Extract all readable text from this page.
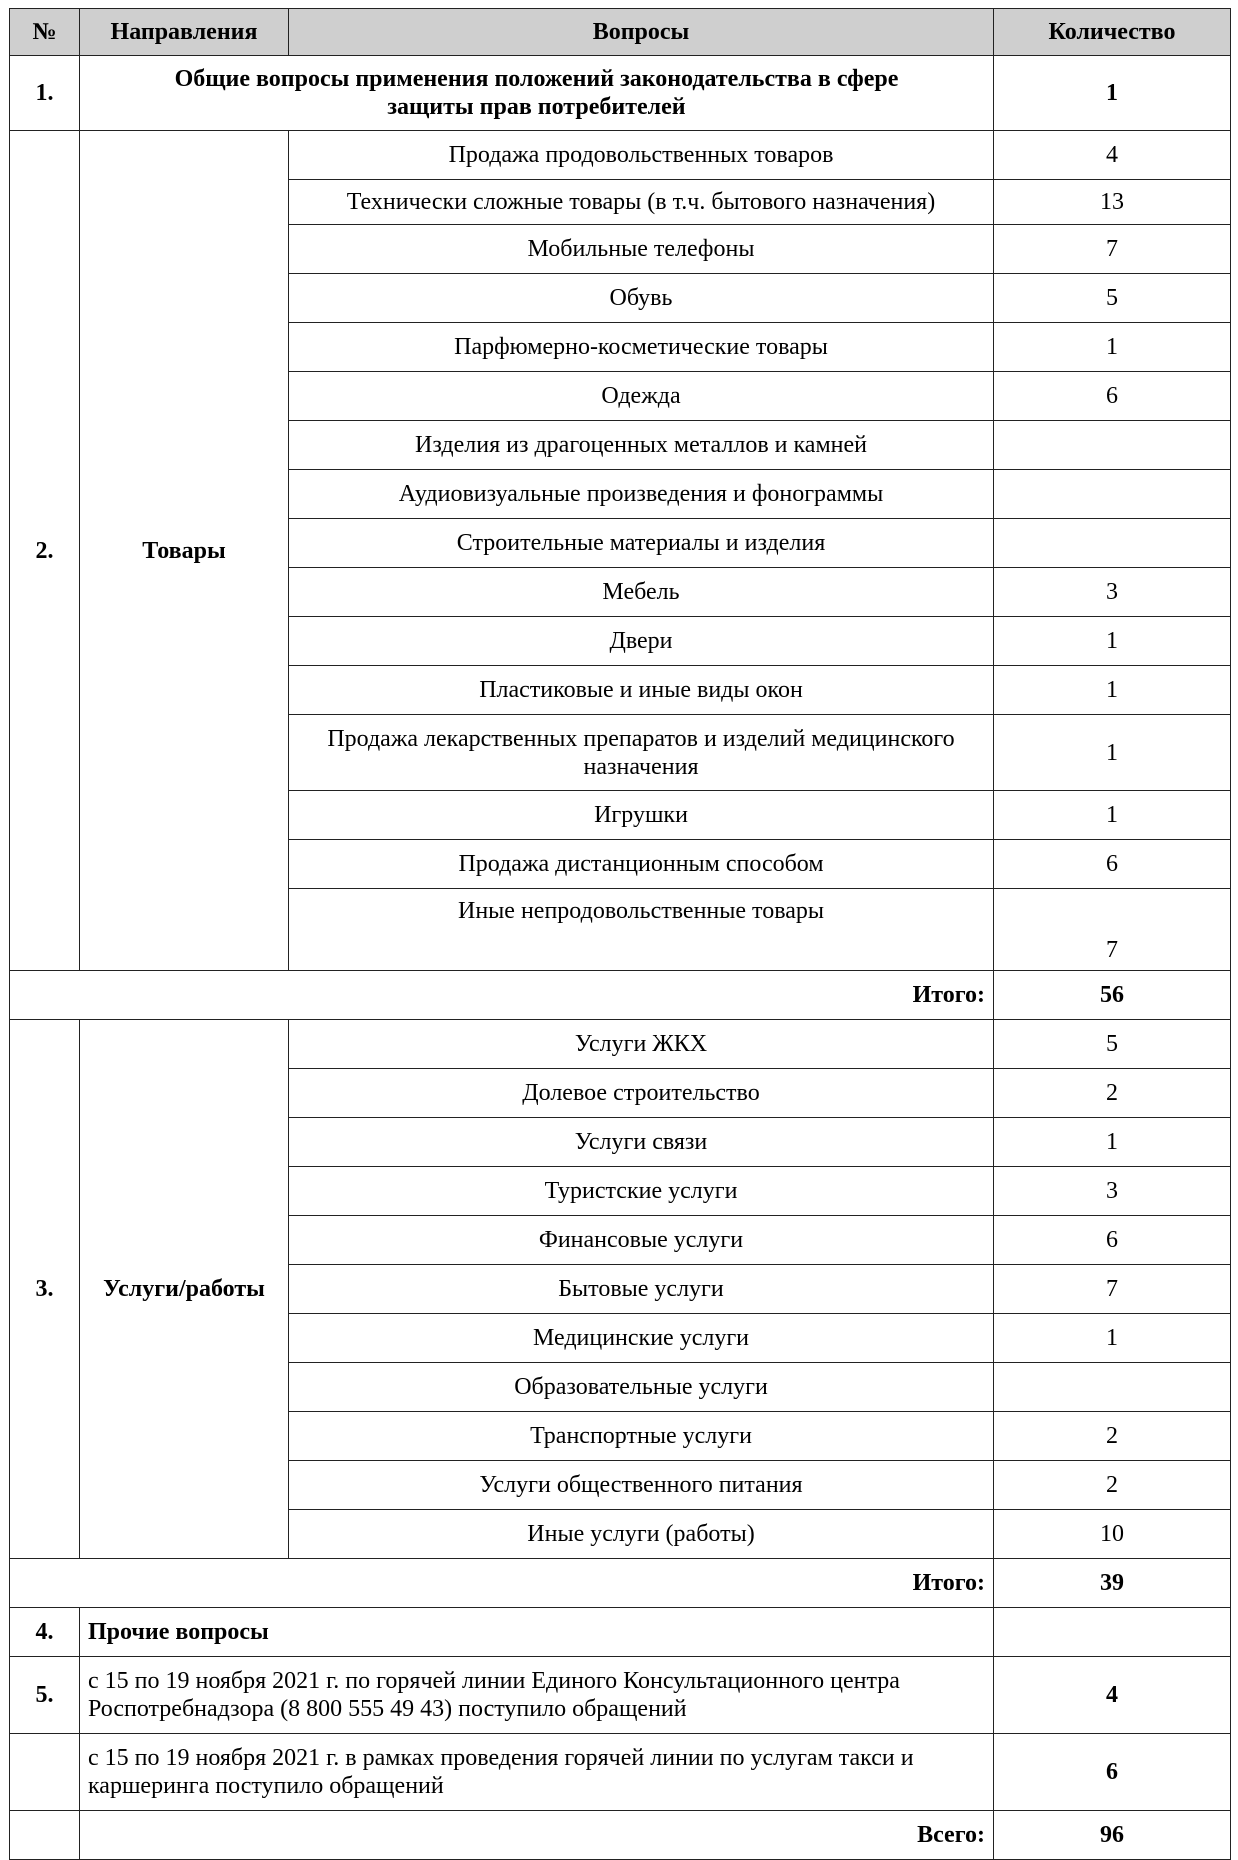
№	Направления	Вопросы	Количество
1.	Общие вопросы применения положений законодательства в сфере защиты прав потребителей		1
2.	Товары	Продажа продовольственных товаров	4
		Технически сложные товары (в т.ч. бытового назначения)	13
		Мобильные телефоны	7
		Обувь	5
		Парфюмерно-косметические товары	1
		Одежда	6
		Изделия из драгоценных металлов и камней	
		Аудиовизуальные произведения и фонограммы	
		Строительные материалы и изделия	
		Мебель	3
		Двери	1
		Пластиковые и иные виды окон	1
		Продажа лекарственных препаратов и изделий медицинского назначения	1
		Игрушки	1
		Продажа дистанционным способом	6
		Иные непродовольственные товары	7
Итого:			56
3.	Услуги/работы	Услуги ЖКХ	5
		Долевое строительство	2
		Услуги связи	1
		Туристские услуги	3
		Финансовые услуги	6
		Бытовые услуги	7
		Медицинские услуги	1
		Образовательные услуги	
		Транспортные услуги	2
		Услуги общественного питания	2
		Иные услуги (работы)	10
Итого:			39
4.	Прочие вопросы		
5.	с 15 по 19 ноября 2021 г. по горячей линии Единого Консультационного центра Роспотребнадзора (8 800 555 49 43) поступило обращений		4
	с 15 по 19 ноября 2021 г. в рамках проведения горячей линии по услугам такси и каршеринга поступило обращений		6
	Всего:		96
